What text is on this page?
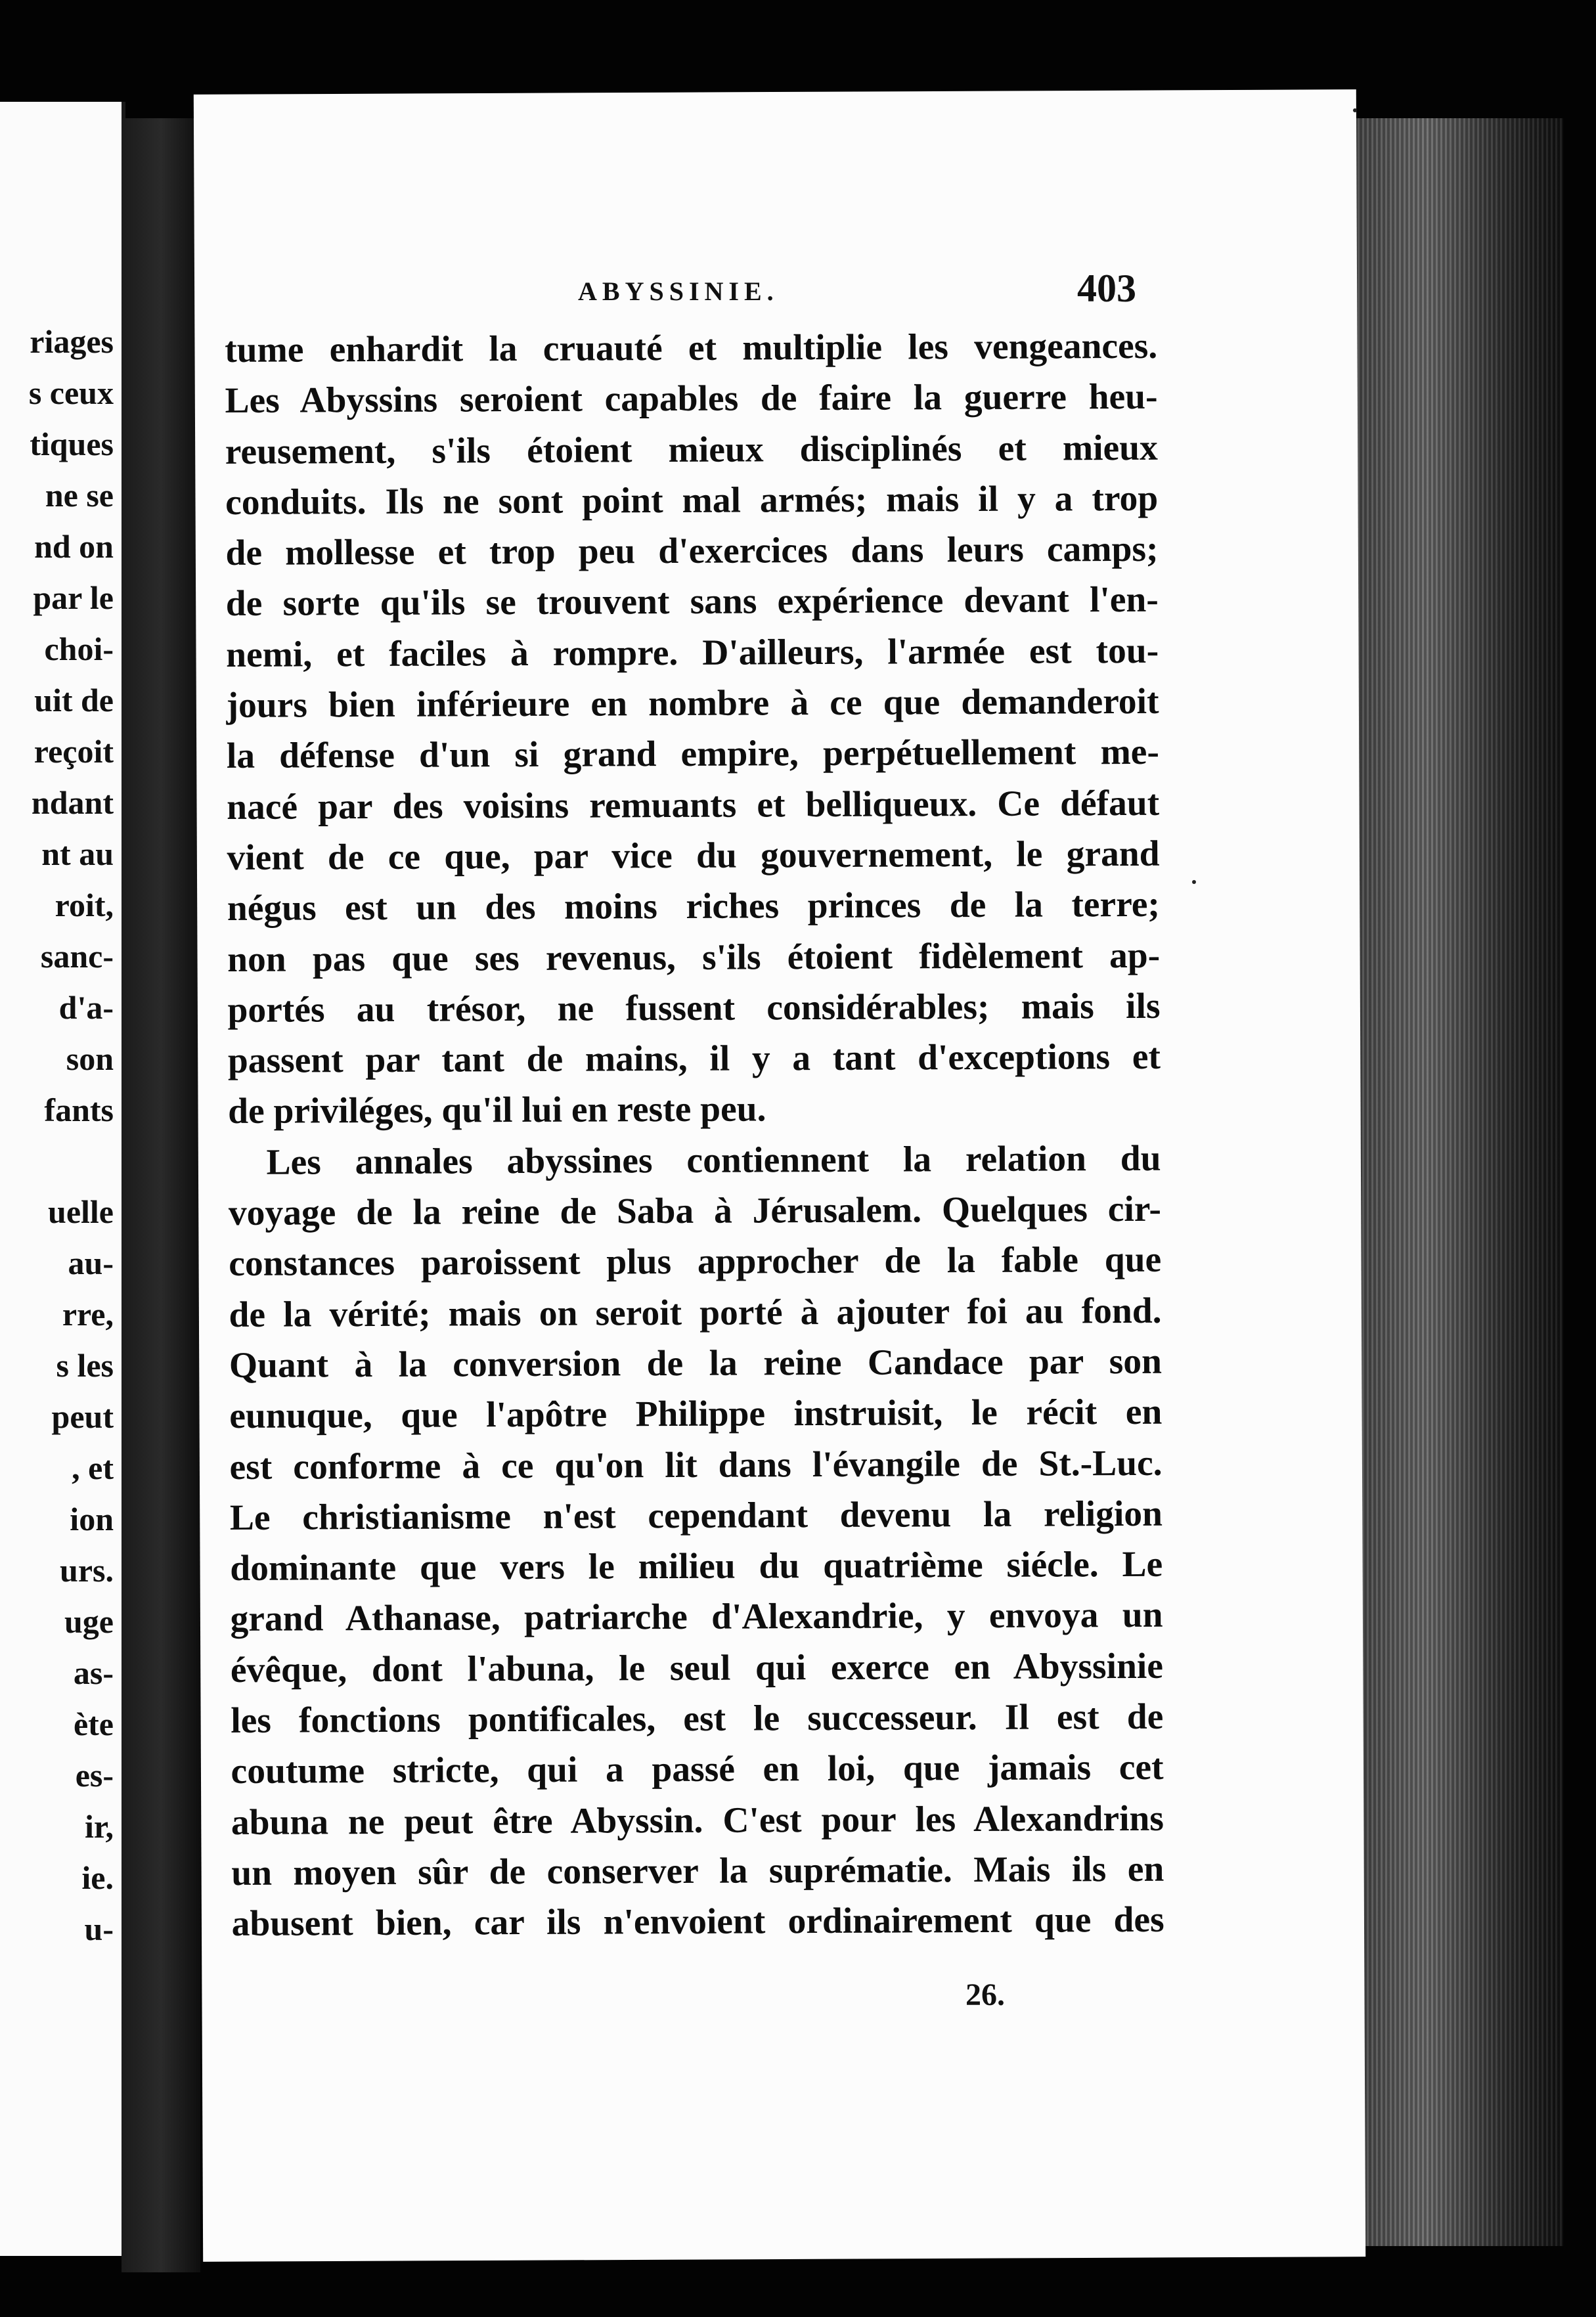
riages
s ceux
tiques
ne se
nd on
par le
choi-
uit de
reçoit
ndant
nt au
roit,
sanc-
d'a-
son
fants
uelle
au-
rre,
s les
peut
, et
ion
urs.
uge
as-
ète
es-
ir,
ie.
u-
ABYSSINIE.	403
tume enhardit la cruauté et multiplie les vengeances.
Les Abyssins seroient capables de faire la guerre heu-
reusement, s'ils étoient mieux disciplinés et mieux
conduits. Ils ne sont point mal armés; mais il y a trop
de mollesse et trop peu d'exercices dans leurs camps;
de sorte qu'ils se trouvent sans expérience devant l'en-
nemi, et faciles à rompre. D'ailleurs, l'armée est tou-
jours bien inférieure en nombre à ce que demanderoit
la défense d'un si grand empire, perpétuellement me-
nacé par des voisins remuants et belliqueux. Ce défaut
vient de ce que, par vice du gouvernement, le grand
négus est un des moins riches princes de la terre;
non pas que ses revenus, s'ils étoient fidèlement ap-
portés au trésor, ne fussent considérables; mais ils
passent par tant de mains, il y a tant d'exceptions et
de priviléges, qu'il lui en reste peu.
Les annales abyssines contiennent la relation du
voyage de la reine de Saba à Jérusalem. Quelques cir-
constances paroissent plus approcher de la fable que
de la vérité; mais on seroit porté à ajouter foi au fond.
Quant à la conversion de la reine Candace par son
eunuque, que l'apôtre Philippe instruisit, le récit en
est conforme à ce qu'on lit dans l'évangile de St.-Luc.
Le christianisme n'est cependant devenu la religion
dominante que vers le milieu du quatrième siécle. Le
grand Athanase, patriarche d'Alexandrie, y envoya un
évêque, dont l'abuna, le seul qui exerce en Abyssinie
les fonctions pontificales, est le successeur. Il est de
coutume stricte, qui a passé en loi, que jamais cet
abuna ne peut être Abyssin. C'est pour les Alexandrins
un moyen sûr de conserver la suprématie. Mais ils en
abusent bien, car ils n'envoient ordinairement que des
26.
